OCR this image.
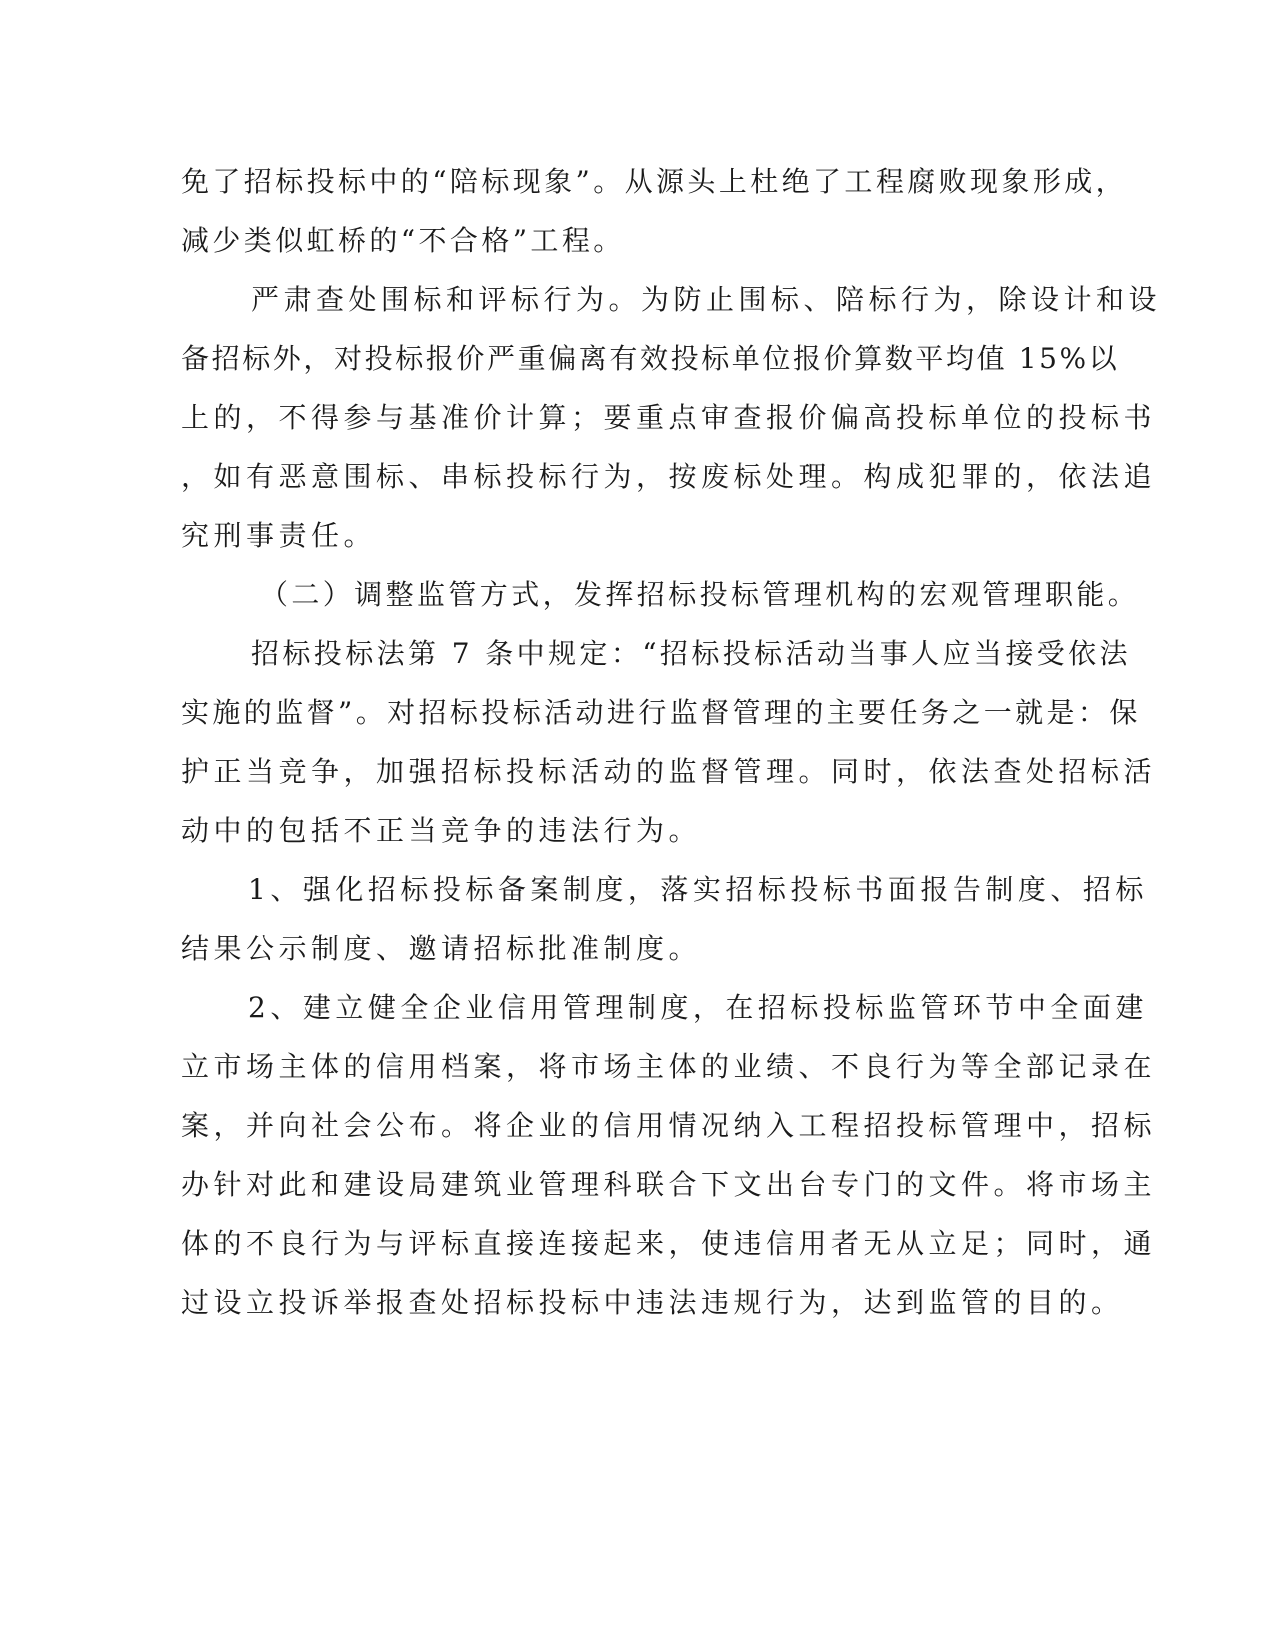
免了招标投标中的“陪标现象”。从源头上杜绝了工程腐败现象形成，
减少类似虹桥的“不合格”工程。
严肃查处围标和评标行为。为防止围标、陪标行为，除设计和设
备招标外，对投标报价严重偏离有效投标单位报价算数平均值 15%以
上的，不得参与基准价计算；要重点审查报价偏高投标单位的投标书
，如有恶意围标、串标投标行为，按废标处理。构成犯罪的，依法追
究刑事责任。
（二）调整监管方式，发挥招标投标管理机构的宏观管理职能。
招标投标法第 7 条中规定：“招标投标活动当事人应当接受依法
实施的监督”。对招标投标活动进行监督管理的主要任务之一就是：保
护正当竞争，加强招标投标活动的监督管理。同时，依法查处招标活
动中的包括不正当竞争的违法行为。
1、强化招标投标备案制度，落实招标投标书面报告制度、招标
结果公示制度、邀请招标批准制度。
2、建立健全企业信用管理制度，在招标投标监管环节中全面建
立市场主体的信用档案，将市场主体的业绩、不良行为等全部记录在
案，并向社会公布。将企业的信用情况纳入工程招投标管理中，招标
办针对此和建设局建筑业管理科联合下文出台专门的文件。将市场主
体的不良行为与评标直接连接起来，使违信用者无从立足；同时，通
过设立投诉举报查处招标投标中违法违规行为，达到监管的目的。
